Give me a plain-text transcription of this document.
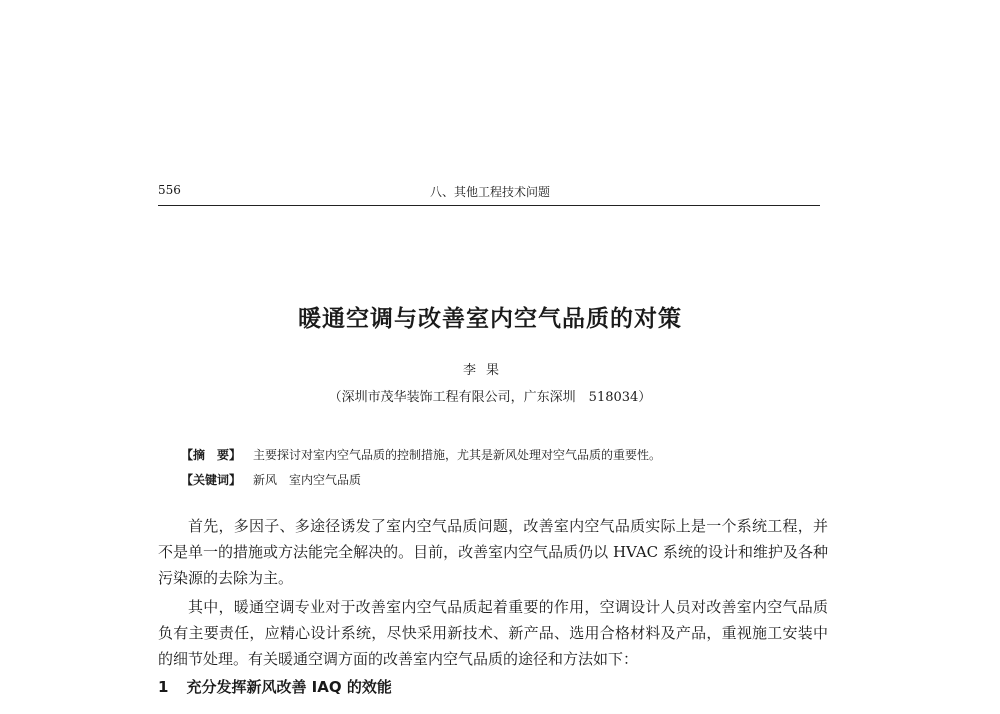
556	八、其他工程技术问题
暖通空调与改善室内空气品质的对策
李果
（深圳市茂华装饰工程有限公司，广东深圳　518034）
【摘　要】 主要探讨对室内空气品质的控制措施，尤其是新风处理对空气品质的重要性。
【关键词】 新风　室内空气品质

首先，多因子、多途径诱发了室内空气品质问题，改善室内空气品质实际上是一个系统工程，并不是单一的措施或方法能完全解决的。目前，改善室内空气品质仍以 HVAC 系统的设计和维护及各种污染源的去除为主。

其中，暖通空调专业对于改善室内空气品质起着重要的作用，空调设计人员对改善室内空气品质负有主要责任，应精心设计系统，尽快采用新技术、新产品、选用合格材料及产品，重视施工安装中的细节处理。有关暖通空调方面的改善室内空气品质的途径和方法如下：

1 充分发挥新风改善 IAQ 的效能
